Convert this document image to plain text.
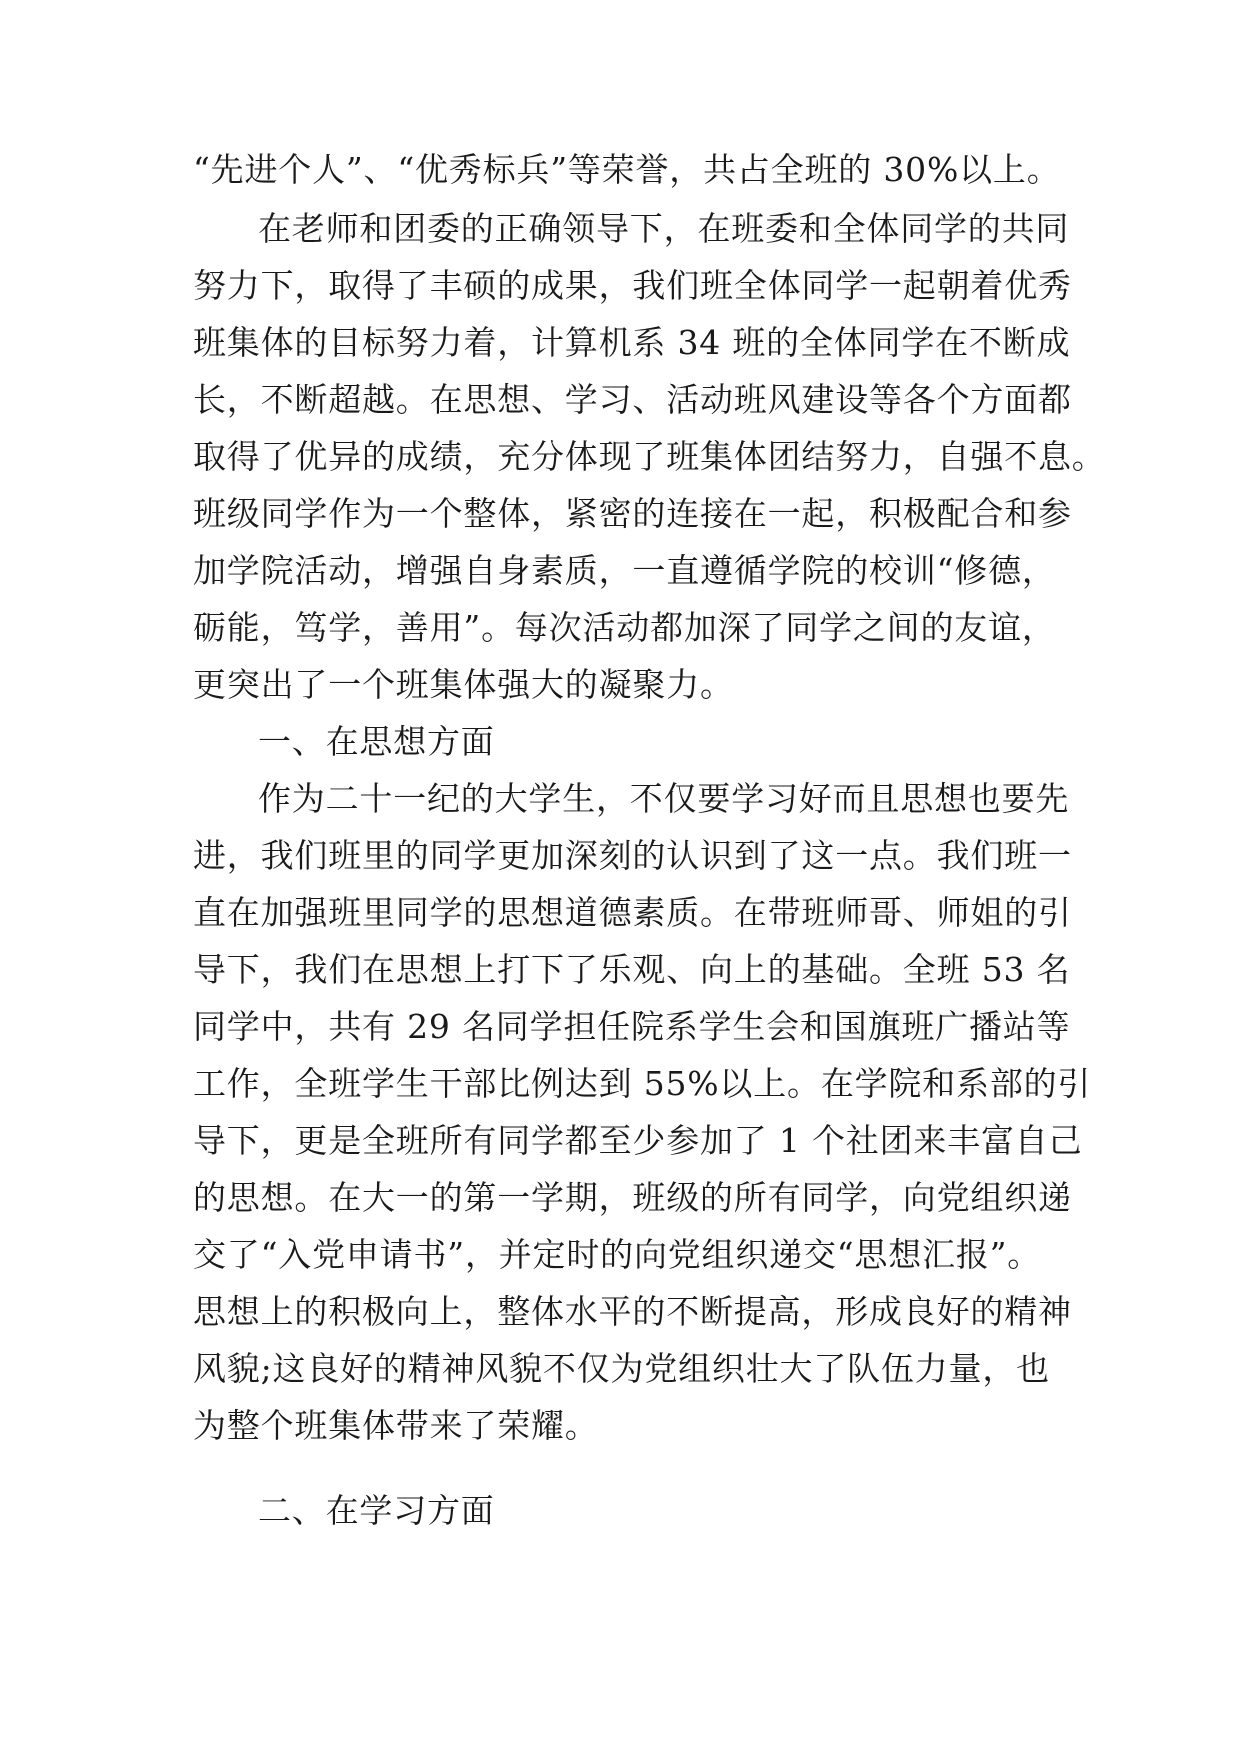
“先进个人”、“优秀标兵”等荣誉，共占全班的 30%以上。
在老师和团委的正确领导下，在班委和全体同学的共同
努力下，取得了丰硕的成果，我们班全体同学一起朝着优秀
班集体的目标努力着，计算机系 34 班的全体同学在不断成
长，不断超越。在思想、学习、活动班风建设等各个方面都
取得了优异的成绩，充分体现了班集体团结努力，自强不息。
班级同学作为一个整体，紧密的连接在一起，积极配合和参
加学院活动，增强自身素质，一直遵循学院的校训“修德，
砺能，笃学，善用”。每次活动都加深了同学之间的友谊，
更突出了一个班集体强大的凝聚力。
一、在思想方面
作为二十一纪的大学生，不仅要学习好而且思想也要先
进，我们班里的同学更加深刻的认识到了这一点。我们班一
直在加强班里同学的思想道德素质。在带班师哥、师姐的引
导下，我们在思想上打下了乐观、向上的基础。全班 53 名
同学中，共有 29 名同学担任院系学生会和国旗班广播站等
工作，全班学生干部比例达到 55%以上。在学院和系部的引
导下，更是全班所有同学都至少参加了 1 个社团来丰富自己
的思想。在大一的第一学期，班级的所有同学，向党组织递
交了“入党申请书”，并定时的向党组织递交“思想汇报”。
思想上的积极向上，整体水平的不断提高，形成良好的精神
风貌;这良好的精神风貌不仅为党组织壮大了队伍力量，也
为整个班集体带来了荣耀。
二、在学习方面
